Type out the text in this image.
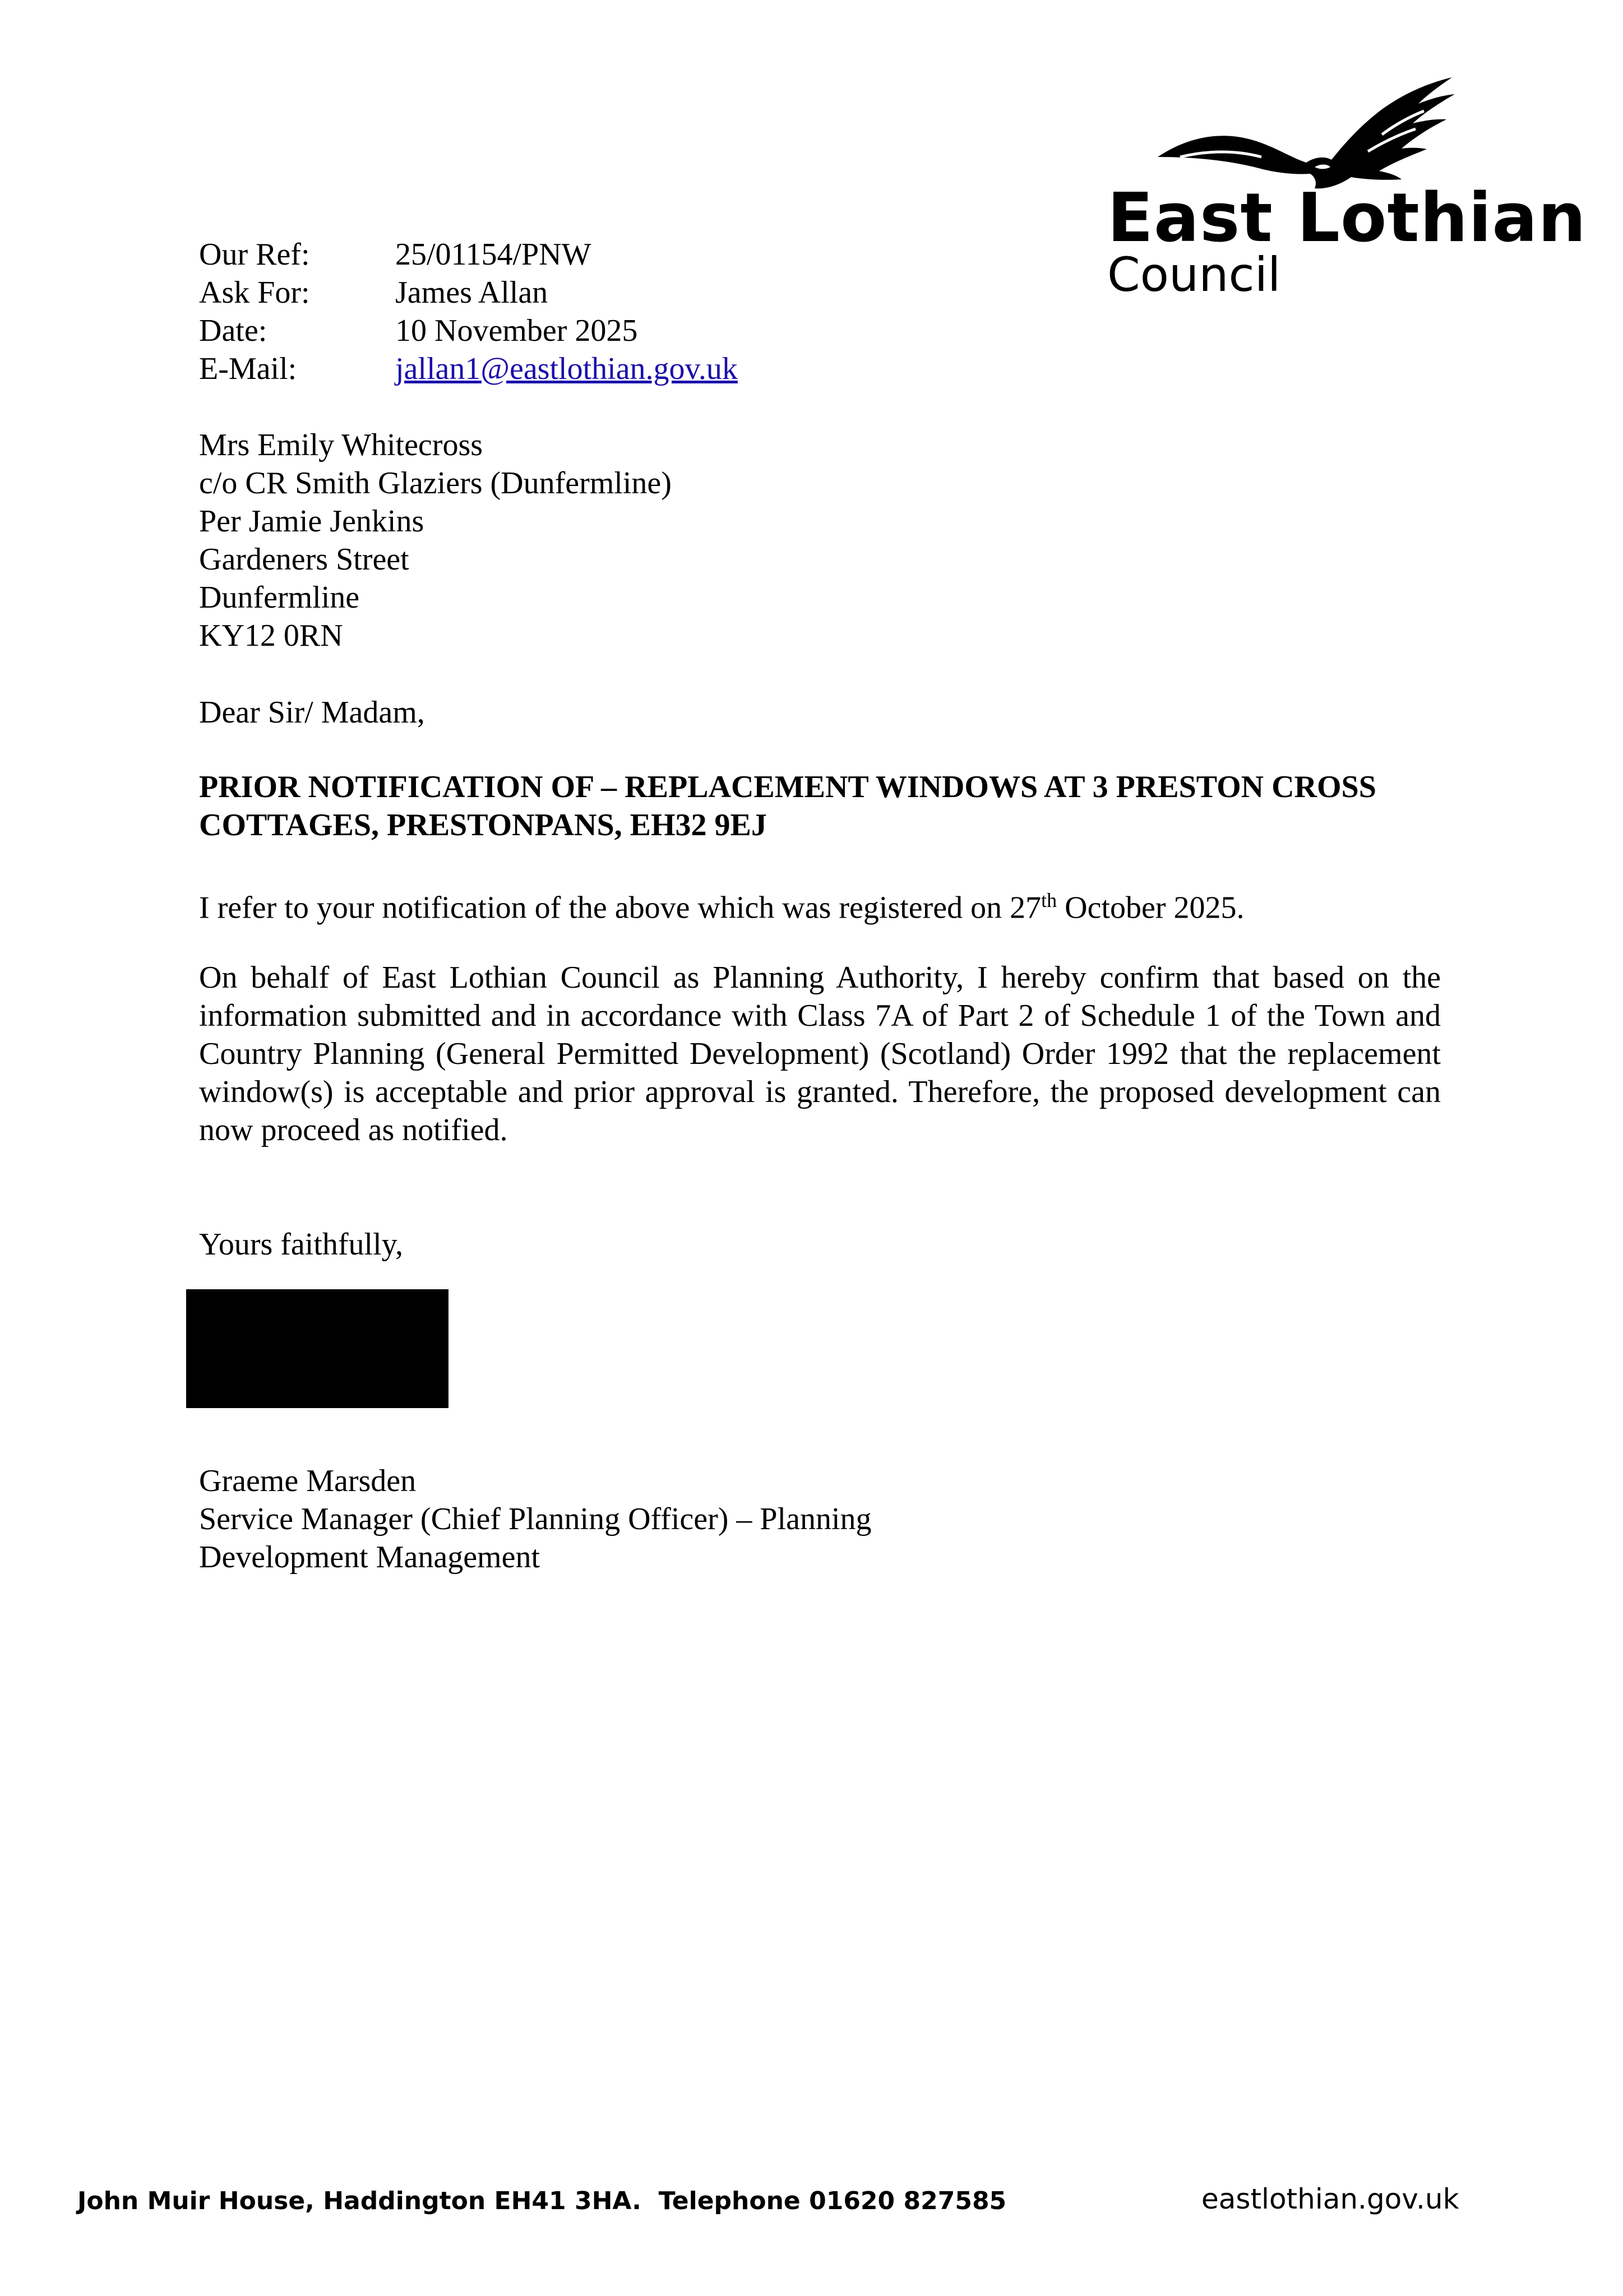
East Lothian
Council
Our Ref:	25/01154/PNW
Ask For:	James Allan
Date:	10 November 2025
E-Mail:	jallan1@eastlothian.gov.uk
Mrs Emily Whitecross
c/o CR Smith Glaziers (Dunfermline)
Per Jamie Jenkins
Gardeners Street
Dunfermline
KY12 0RN
Dear Sir/ Madam,
PRIOR NOTIFICATION OF – REPLACEMENT WINDOWS AT 3 PRESTON CROSS COTTAGES, PRESTONPANS, EH32 9EJ
I refer to your notification of the above which was registered on 27th October 2025.
On behalf of East Lothian Council as Planning Authority, I hereby confirm that based on the information submitted and in accordance with Class 7A of Part 2 of Schedule 1 of the Town and Country Planning (General Permitted Development) (Scotland) Order 1992 that the replacement window(s) is acceptable and prior approval is granted. Therefore, the proposed development can now proceed as notified.
Yours faithfully,
Graeme Marsden
Service Manager (Chief Planning Officer) – Planning
Development Management
John Muir House, Haddington EH41 3HA.  Telephone 01620 827585	eastlothian.gov.uk
